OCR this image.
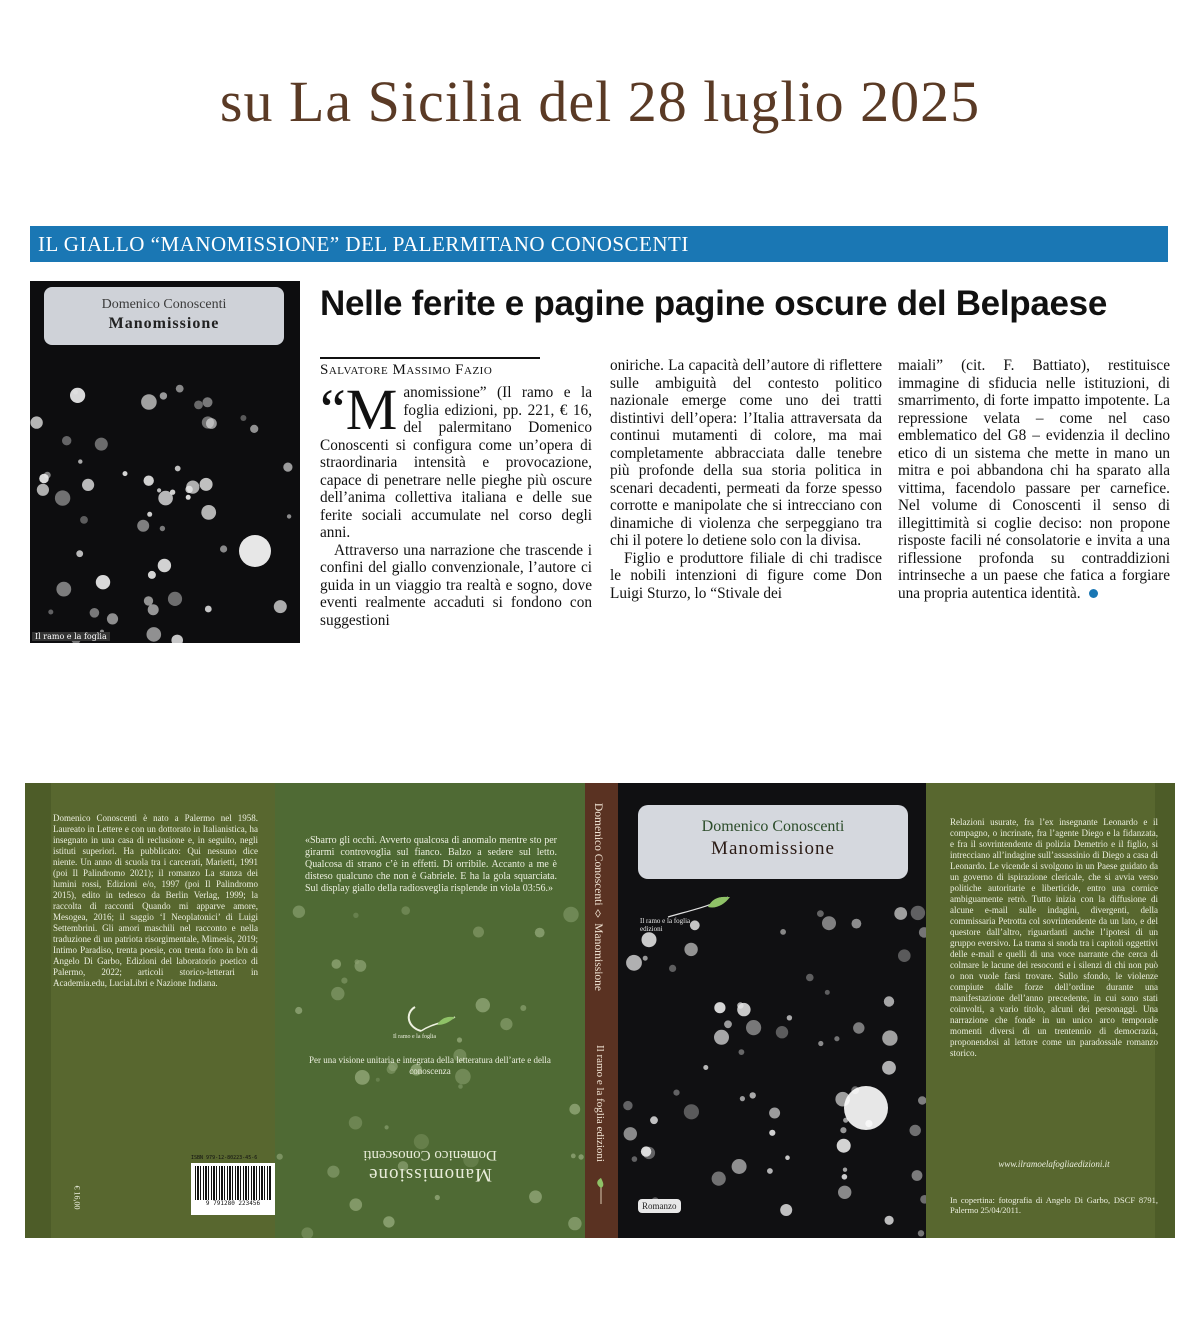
su La Sicilia del 28 luglio 2025
IL GIALLO “MANOMISSIONE” DEL PALERMITANO CONOSCENTI
Domenico Conoscenti
Manomissione
Il ramo e la foglia
Nelle ferite e pagine pagine oscure del Belpaese
Salvatore Massimo Fazio

“Manomissione” (Il ramo e la foglia edizioni, pp. 221, € 16, del palermitano Domenico Conoscenti si configura come un’opera di straordinaria intensità e provocazione, capace di penetrare nelle pieghe più oscure dell’anima collettiva italiana e delle sue ferite sociali accumulate nel corso degli anni.

Attraverso una narrazione che trascende i confini del giallo convenzionale, l’autore ci guida in un viaggio tra realtà e sogno, dove eventi realmente accaduti si fondono con suggestioni

oniriche. La capacità dell’autore di riflettere sulle ambiguità del contesto politico nazionale emerge come uno dei tratti distintivi dell’opera: l’Italia attraversata da continui mutamenti di colore, ma mai completamente abbracciata dalle tenebre più profonde della sua storia politica in scenari decadenti, permeati da forze spesso corrotte e manipolate che si intrecciano con dinamiche di violenza che serpeggiano tra chi il potere lo detiene solo con la divisa.

Figlio e produttore filiale di chi tradisce le nobili intenzioni di figure come Don Luigi Sturzo, lo “Stivale dei

maiali” (cit. F. Battiato), restituisce immagine di sfiducia nelle istituzioni, di smarrimento, di forte impatto impotente. La repressione velata – come nel caso emblematico del G8 – evidenzia il declino etico di un sistema che mette in mano un mitra e poi abbandona chi ha sparato alla vittima, facendolo passare per carnefice. Nel volume di Conoscenti il senso di illegittimità si coglie deciso: non propone risposte facili né consolatorie e invita a una riflessione profonda su contraddizioni intrinseche a un paese che fatica a forgiare una propria autentica identità.

Domenico Conoscenti è nato a Palermo nel 1958. Laureato in Lettere e con un dottorato in Italianistica, ha insegnato in una casa di reclusione e, in seguito, negli istituti superiori. Ha pubblicato: Qui nessuno dice niente. Un anno di scuola tra i carcerati, Marietti, 1991 (poi Il Palindromo 2021); il romanzo La stanza dei lumini rossi, Edizioni e/o, 1997 (poi Il Palindromo 2015), edito in tedesco da Berlin Verlag, 1999; la raccolta di racconti Quando mi apparve amore, Mesogea, 2016; il saggio ‘I Neoplatonici’ di Luigi Settembrini. Gli amori maschili nel racconto e nella traduzione di un patriota risorgimentale, Mimesis, 2019; Intimo Paradiso, trenta poesie, con trenta foto in b/n di Angelo Di Garbo, Edizioni del laboratorio poetico di Palermo, 2022; articoli storico-letterari in Academia.edu, LuciaLibri e Nazione Indiana.
€ 16,00
ISBN 979-12-80223-45-6
9 791280 223456
«Sbarro gli occhi. Avverto qualcosa di anomalo mentre sto per girarmi controvoglia sul fianco. Balzo a sedere sul letto. Qualcosa di strano c’è in effetti. Di orribile. Accanto a me è disteso qualcuno che non è Gabriele. E ha la gola squarciata. Sul display giallo della radiosveglia risplende in viola 03:56.»
Il ramo e la foglia
Per una visione unitaria e integrata della letteratura dell’arte e della conoscenza
Manomissione
Domenico Conoscenti
Domenico Conoscenti ◊ Manomissione
Il ramo e la foglia edizioni
Domenico Conoscenti
Manomissione
Il ramo e la foglia
edizioni
Romanzo
Relazioni usurate, fra l’ex insegnante Leonardo e il compagno, o incrinate, fra l’agente Diego e la fidanzata, e fra il sovrintendente di polizia Demetrio e il figlio, si intrecciano all’indagine sull’assassinio di Diego a casa di Leonardo. Le vicende si svolgono in un Paese guidato da un governo di ispirazione clericale, che si avvia verso politiche autoritarie e liberticide, entro una cornice ambiguamente retrò. Tutto inizia con la diffusione di alcune e-mail sulle indagini, divergenti, della commissaria Petrotta col sovrintendente da un lato, e del questore dall’altro, riguardanti anche l’ipotesi di un gruppo eversivo. La trama si snoda tra i capitoli oggettivi delle e-mail e quelli di una voce narrante che cerca di colmare le lacune dei resoconti e i silenzi di chi non può o non vuole farsi trovare. Sullo sfondo, le violenze compiute dalle forze dell’ordine durante una manifestazione dell’anno precedente, in cui sono stati coinvolti, a vario titolo, alcuni dei personaggi. Una narrazione che fonde in un unico arco temporale momenti diversi di un trentennio di democrazia, proponendosi al lettore come un paradossale romanzo storico.
www.ilramoelafogliaedizioni.it
In copertina: fotografia di Angelo Di Garbo, DSCF 8791, Palermo 25/04/2011.
